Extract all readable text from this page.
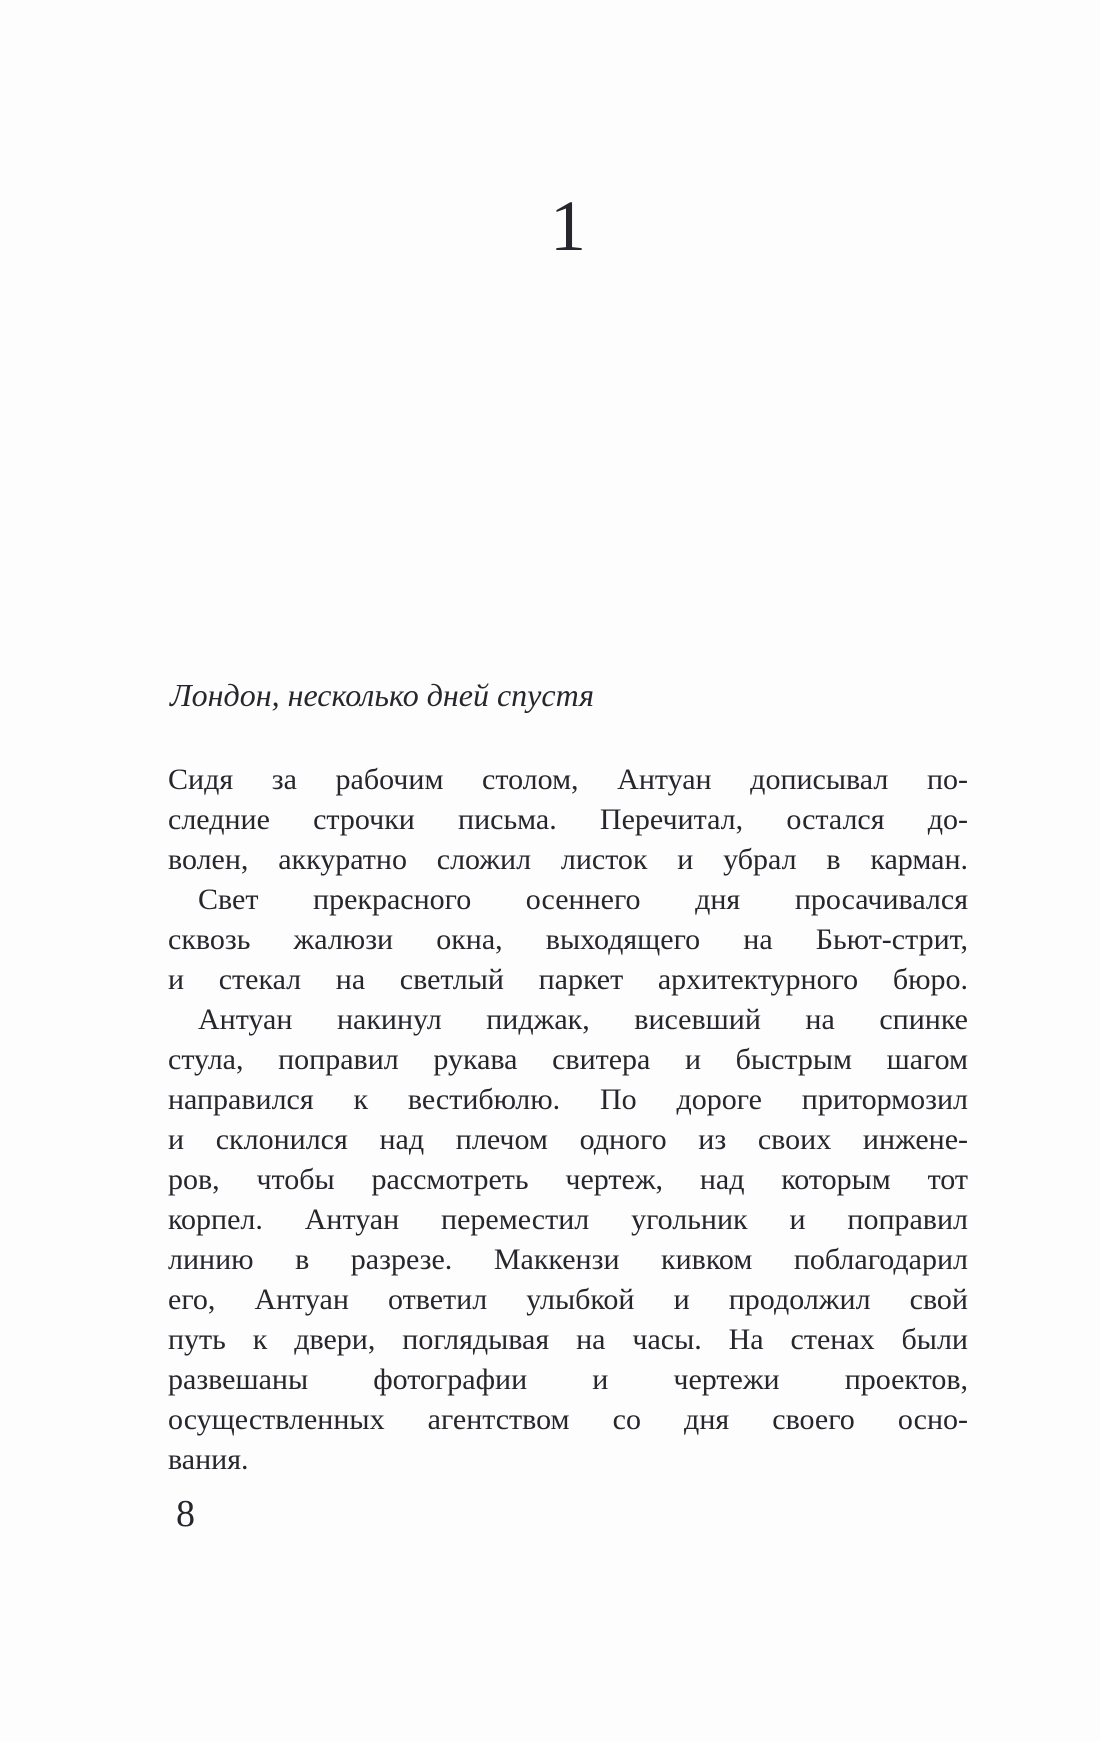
1
Лондон, несколько дней спустя
Сидя за рабочим столом, Антуан дописывал по-
следние строчки письма. Перечитал, остался до-
волен, аккуратно сложил листок и убрал в карман.
Свет прекрасного осеннего дня просачивался
сквозь жалюзи окна, выходящего на Бьют-стрит,
и стекал на светлый паркет архитектурного бюро.
Антуан накинул пиджак, висевший на спинке
стула, поправил рукава свитера и быстрым шагом
направился к вестибюлю. По дороге притормозил
и склонился над плечом одного из своих инжене-
ров, чтобы рассмотреть чертеж, над которым тот
корпел. Антуан переместил угольник и поправил
линию в разрезе. Маккензи кивком поблагодарил
его, Антуан ответил улыбкой и продолжил свой
путь к двери, поглядывая на часы. На стенах были
развешаны фотографии и чертежи проектов,
осуществленных агентством со дня своего осно-
вания.
8
